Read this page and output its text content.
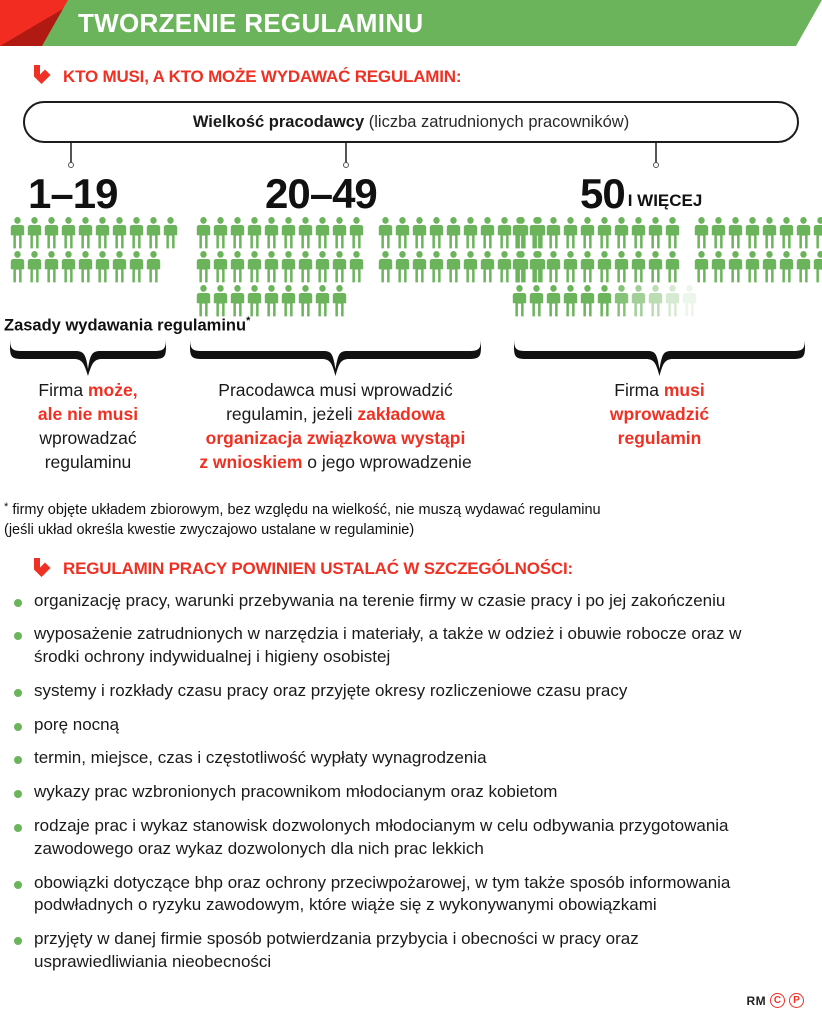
TWORZENIE REGULAMINU
KTO MUSI, A KTO MOŻE WYDAWAĆ REGULAMIN:
Wielkość pracodawcy (liczba zatrudnionych pracowników)
1–19	20–49	50 I WIĘCEJ
Zasady wydawania regulaminu*
Firma może,
ale nie musi
wprowadzać
regulaminu
Pracodawca musi wprowadzić
regulamin, jeżeli zakładowa
organizacja związkowa wystąpi
z wnioskiem o jego wprowadzenie
Firma musi
wprowadzić
regulamin
* firmy objęte układem zbiorowym, bez względu na wielkość, nie muszą wydawać regulaminu
(jeśli układ określa kwestie zwyczajowo ustalane w regulaminie)
REGULAMIN PRACY POWINIEN USTALAĆ W SZCZEGÓLNOŚCI:
organizację pracy, warunki przebywania na terenie firmy w czasie pracy i po jej zakończeniu
wyposażenie zatrudnionych w narzędzia i materiały, a także w odzież i obuwie robocze oraz w środki ochrony indywidualnej i higieny osobistej
systemy i rozkłady czasu pracy oraz przyjęte okresy rozliczeniowe czasu pracy
porę nocną
termin, miejsce, czas i częstotliwość wypłaty wynagrodzenia
wykazy prac wzbronionych pracownikom młodocianym oraz kobietom
rodzaje prac i wykaz stanowisk dozwolonych młodocianym w celu odbywania przygotowania zawodowego oraz wykaz dozwolonych dla nich prac lekkich
obowiązki dotyczące bhp oraz ochrony przeciwpożarowej, w tym także sposób informowania podwładnych o ryzyku zawodowym, które wiąże się z wykonywanymi obowiązkami
przyjęty w danej firmie sposób potwierdzania przybycia i obecności w pracy oraz usprawiedliwiania nieobecności
RM C	P
